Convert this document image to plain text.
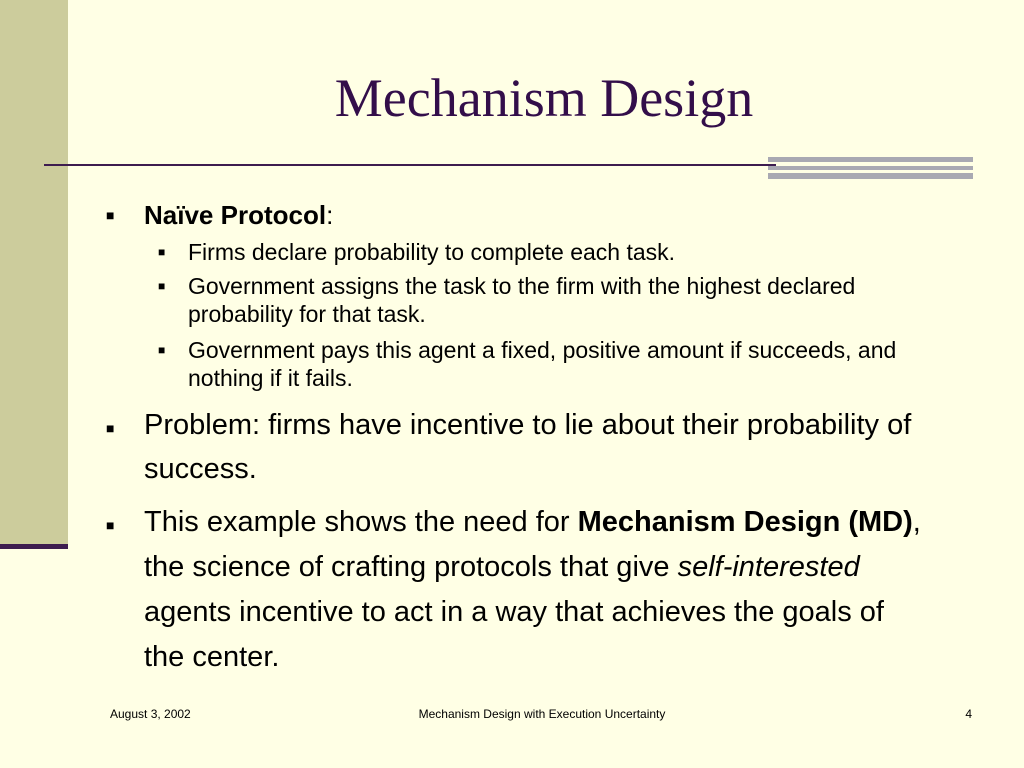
Mechanism Design
■ Naïve Protocol:
■ Firms declare probability to complete each task.
■ Government assigns the task to the firm with the highest declared probability for that task.
■ Government pays this agent a fixed, positive amount if succeeds, and nothing if it fails.
■ Problem: firms have incentive to lie about their probability of success.
■ This example shows the need for Mechanism Design (MD), the science of crafting protocols that give self-interested agents incentive to act in a way that achieves the goals of the center.
August 3, 2002	Mechanism Design with Execution Uncertainty	4
